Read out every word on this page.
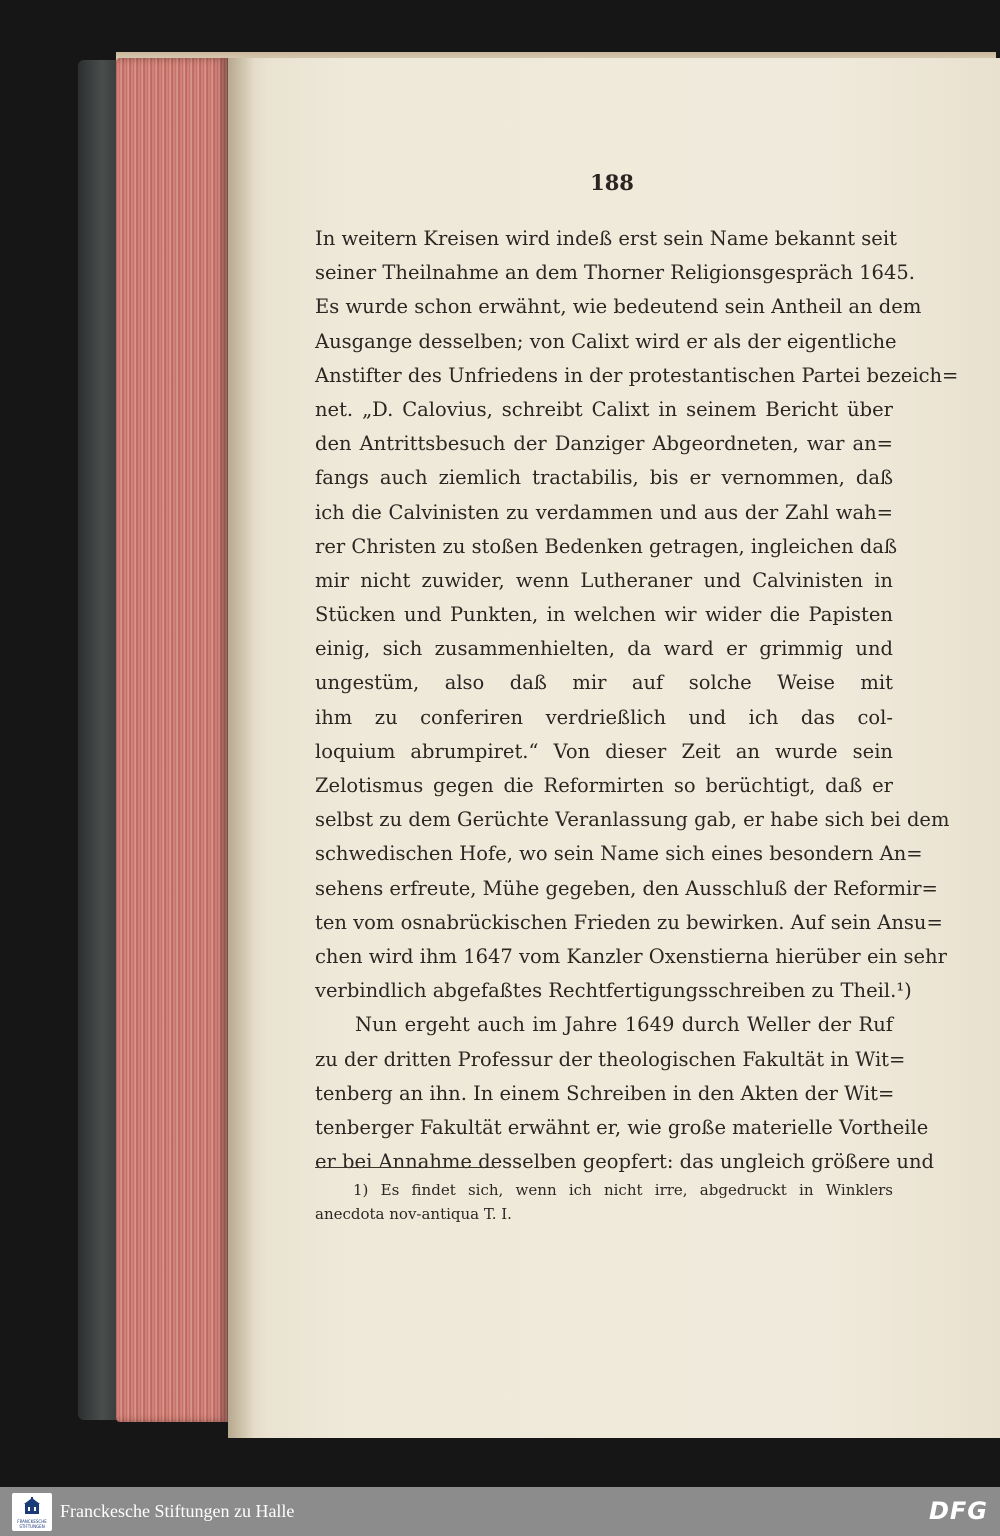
188
In weitern Kreisen wird indeß erst sein Name bekannt seit
seiner Theilnahme an dem Thorner Religionsgespräch 1645.
Es wurde schon erwähnt, wie bedeutend sein Antheil an dem
Ausgange desselben; von Calixt wird er als der eigentliche
Anstifter des Unfriedens in der protestantischen Partei bezeich=
net. „D. Calovius, schreibt Calixt in seinem Bericht über
den Antrittsbesuch der Danziger Abgeordneten, war an=
fangs auch ziemlich tractabilis, bis er vernommen, daß
ich die Calvinisten zu verdammen und aus der Zahl wah=
rer Christen zu stoßen Bedenken getragen, ingleichen daß
mir nicht zuwider, wenn Lutheraner und Calvinisten in
Stücken und Punkten, in welchen wir wider die Papisten
einig, sich zusammenhielten, da ward er grimmig und
ungestüm, also daß mir auf solche Weise mit
ihm zu conferiren verdrießlich und ich das col-
loquium abrumpiret.“ Von dieser Zeit an wurde sein
Zelotismus gegen die Reformirten so berüchtigt, daß er
selbst zu dem Gerüchte Veranlassung gab, er habe sich bei dem
schwedischen Hofe, wo sein Name sich eines besondern An=
sehens erfreute, Mühe gegeben, den Ausschluß der Reformir=
ten vom osnabrückischen Frieden zu bewirken. Auf sein Ansu=
chen wird ihm 1647 vom Kanzler Oxenstierna hierüber ein sehr
verbindlich abgefaßtes Rechtfertigungsschreiben zu Theil.¹)
Nun ergeht auch im Jahre 1649 durch Weller der Ruf
zu der dritten Professur der theologischen Fakultät in Wit=
tenberg an ihn. In einem Schreiben in den Akten der Wit=
tenberger Fakultät erwähnt er, wie große materielle Vortheile
er bei Annahme desselben geopfert: das ungleich größere und
1) Es findet sich, wenn ich nicht irre, abgedruckt in Winklers
anecdota nov-antiqua T. I.
FRANCKESCHE
STIFTUNGEN
Franckesche Stiftungen zu Halle	DFG
